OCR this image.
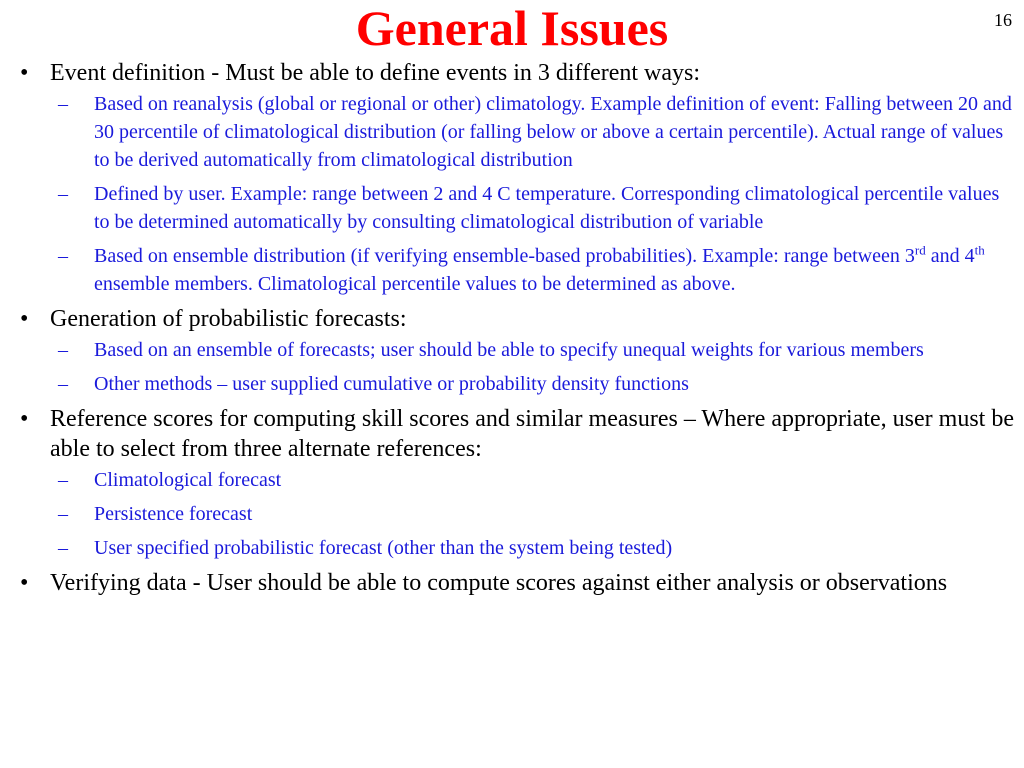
General Issues	16
• Event definition - Must be able to define events in 3 different ways:
– Based on reanalysis (global or regional or other) climatology. Example definition of event: Falling between 20 and 30 percentile of climatological distribution (or falling below or above a certain percentile). Actual range of values to be derived automatically from climatological distribution
– Defined by user. Example: range between 2 and 4 C temperature. Corresponding climatological percentile values to be determined automatically by consulting climatological distribution of variable
– Based on ensemble distribution (if verifying ensemble-based probabilities). Example: range between 3rd and 4th ensemble members. Climatological percentile values to be determined as above.
• Generation of probabilistic forecasts:
– Based on an ensemble of forecasts; user should be able to specify unequal weights for various members
– Other methods – user supplied cumulative or probability density functions
• Reference scores for computing skill scores and similar measures – Where appropriate, user must be able to select from three alternate references:
– Climatological forecast
– Persistence forecast
– User specified probabilistic forecast (other than the system being tested)
• Verifying data - User should be able to compute scores against either analysis or observations
